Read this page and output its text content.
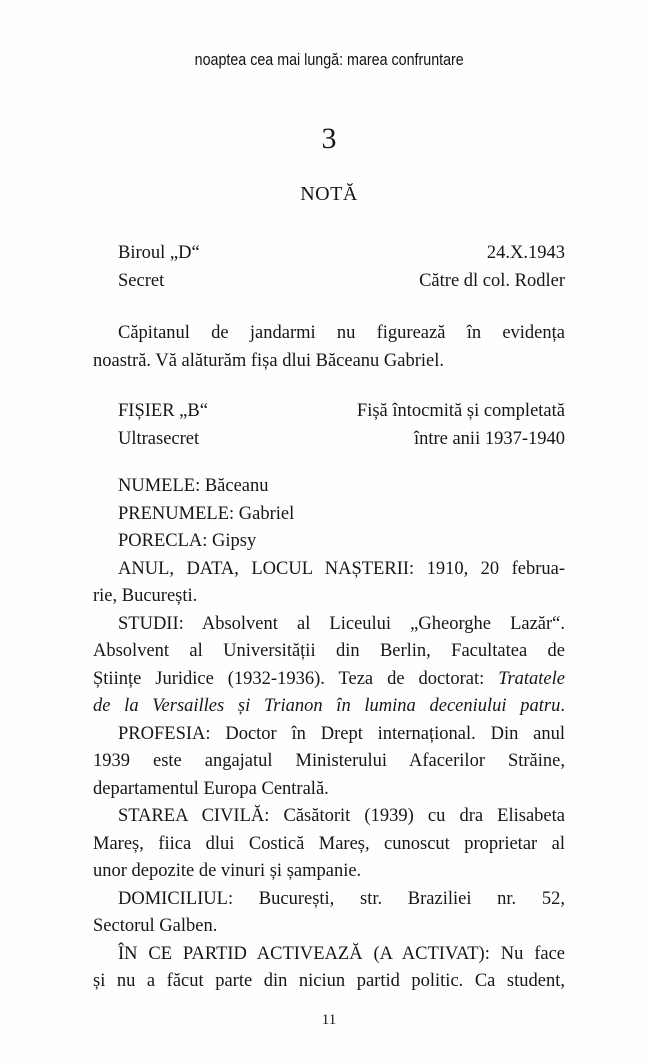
noaptea cea mai lungă: marea confruntare
3
NOTĂ
Biroul „D“	24.X.1943
Secret	Către dl col. Rodler
Căpitanul de jandarmi nu figurează în evidența
noastră. Vă alăturăm fișa dlui Băceanu Gabriel.
FIȘIER „B“	Fișă întocmită și completată
Ultrasecret	între anii 1937-1940
NUMELE: Băceanu
PRENUMELE: Gabriel
PORECLA: Gipsy
ANUL, DATA, LOCUL NAȘTERII: 1910, 20 februa-
rie, București.
STUDII: Absolvent al Liceului „Gheorghe Lazăr“.
Absolvent al Universității din Berlin, Facultatea de
Științe Juridice (1932-1936). Teza de doctorat: Tratatele
de la Versailles și Trianon în lumina deceniului patru.
PROFESIA: Doctor în Drept internațional. Din anul
1939 este angajatul Ministerului Afacerilor Străine,
departamentul Europa Centrală.
STAREA CIVILĂ: Căsătorit (1939) cu dra Elisabeta
Mareș, fiica dlui Costică Mareș, cunoscut proprietar al
unor depozite de vinuri și șampanie.
DOMICILIUL: București, str. Braziliei nr. 52,
Sectorul Galben.
ÎN CE PARTID ACTIVEAZĂ (A ACTIVAT): Nu face
și nu a făcut parte din niciun partid politic. Ca student,
11
